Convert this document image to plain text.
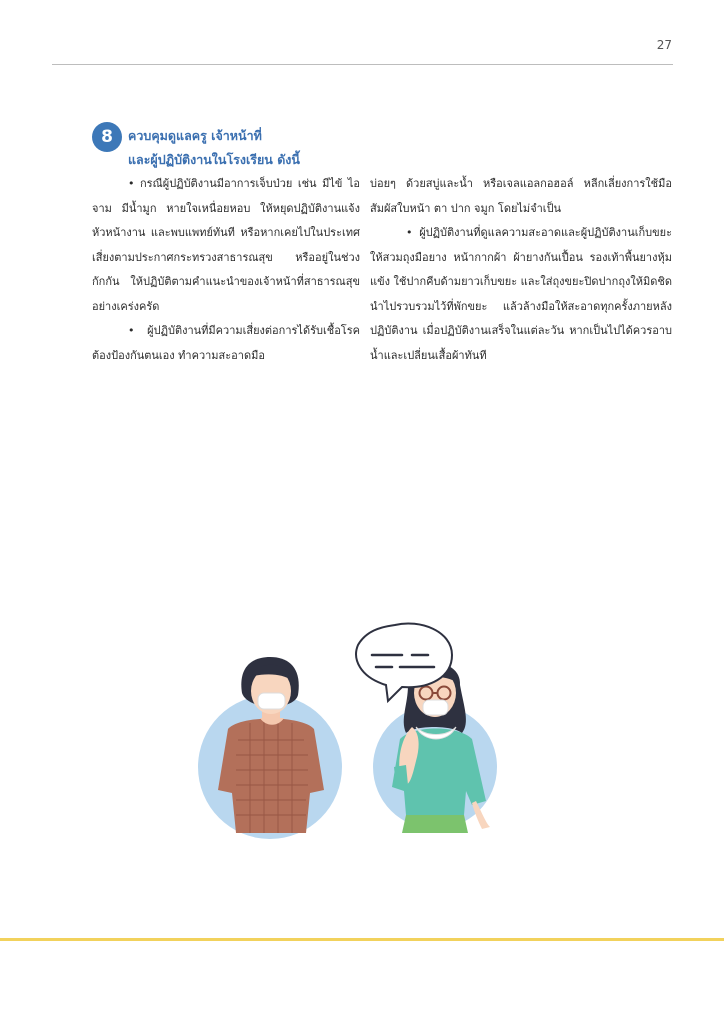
27
8	ควบคุมดูแลครู เจ้าหน้าที่
และผู้ปฏิบัติงานในโรงเรียน ดังนี้

• กรณีผู้ปฏิบัติงานมีอาการเจ็บป่วย เช่น มีไข้ ไอ จาม มีน้ำมูก หายใจเหนื่อยหอบ ให้หยุดปฏิบัติงานแจ้งหัวหน้างาน และพบแพทย์ทันที หรือหากเคยไปในประเทศเสี่ยงตามประกาศกระทรวงสาธารณสุข หรืออยู่ในช่วงกักกัน ให้ปฏิบัติตามคำแนะนำของเจ้าหน้าที่สาธารณสุขอย่างเคร่งครัด

• ผู้ปฏิบัติงานที่มีความเสี่ยงต่อการได้รับเชื้อโรค ต้องป้องกันตนเอง ทำความสะอาดมือ

บ่อยๆ ด้วยสบู่และน้ำ หรือเจลแอลกอฮอล์ หลีกเลี่ยงการใช้มือสัมผัสใบหน้า ตา ปาก จมูก โดยไม่จำเป็น

• ผู้ปฏิบัติงานที่ดูแลความสะอาดและผู้ปฏิบัติงานเก็บขยะให้สวมถุงมือยาง หน้ากากผ้า ผ้ายางกันเปื้อน รองเท้าพื้นยางหุ้มแข้ง ใช้ปากคีบด้ามยาวเก็บขยะ และใส่ถุงขยะปิดปากถุงให้มิดชิด นำไปรวบรวมไว้ที่พักขยะ แล้วล้างมือให้สะอาดทุกครั้งภายหลังปฏิบัติงาน เมื่อปฏิบัติงานเสร็จในแต่ละวัน หากเป็นไปได้ควรอาบน้ำและเปลี่ยนเสื้อผ้าทันที
